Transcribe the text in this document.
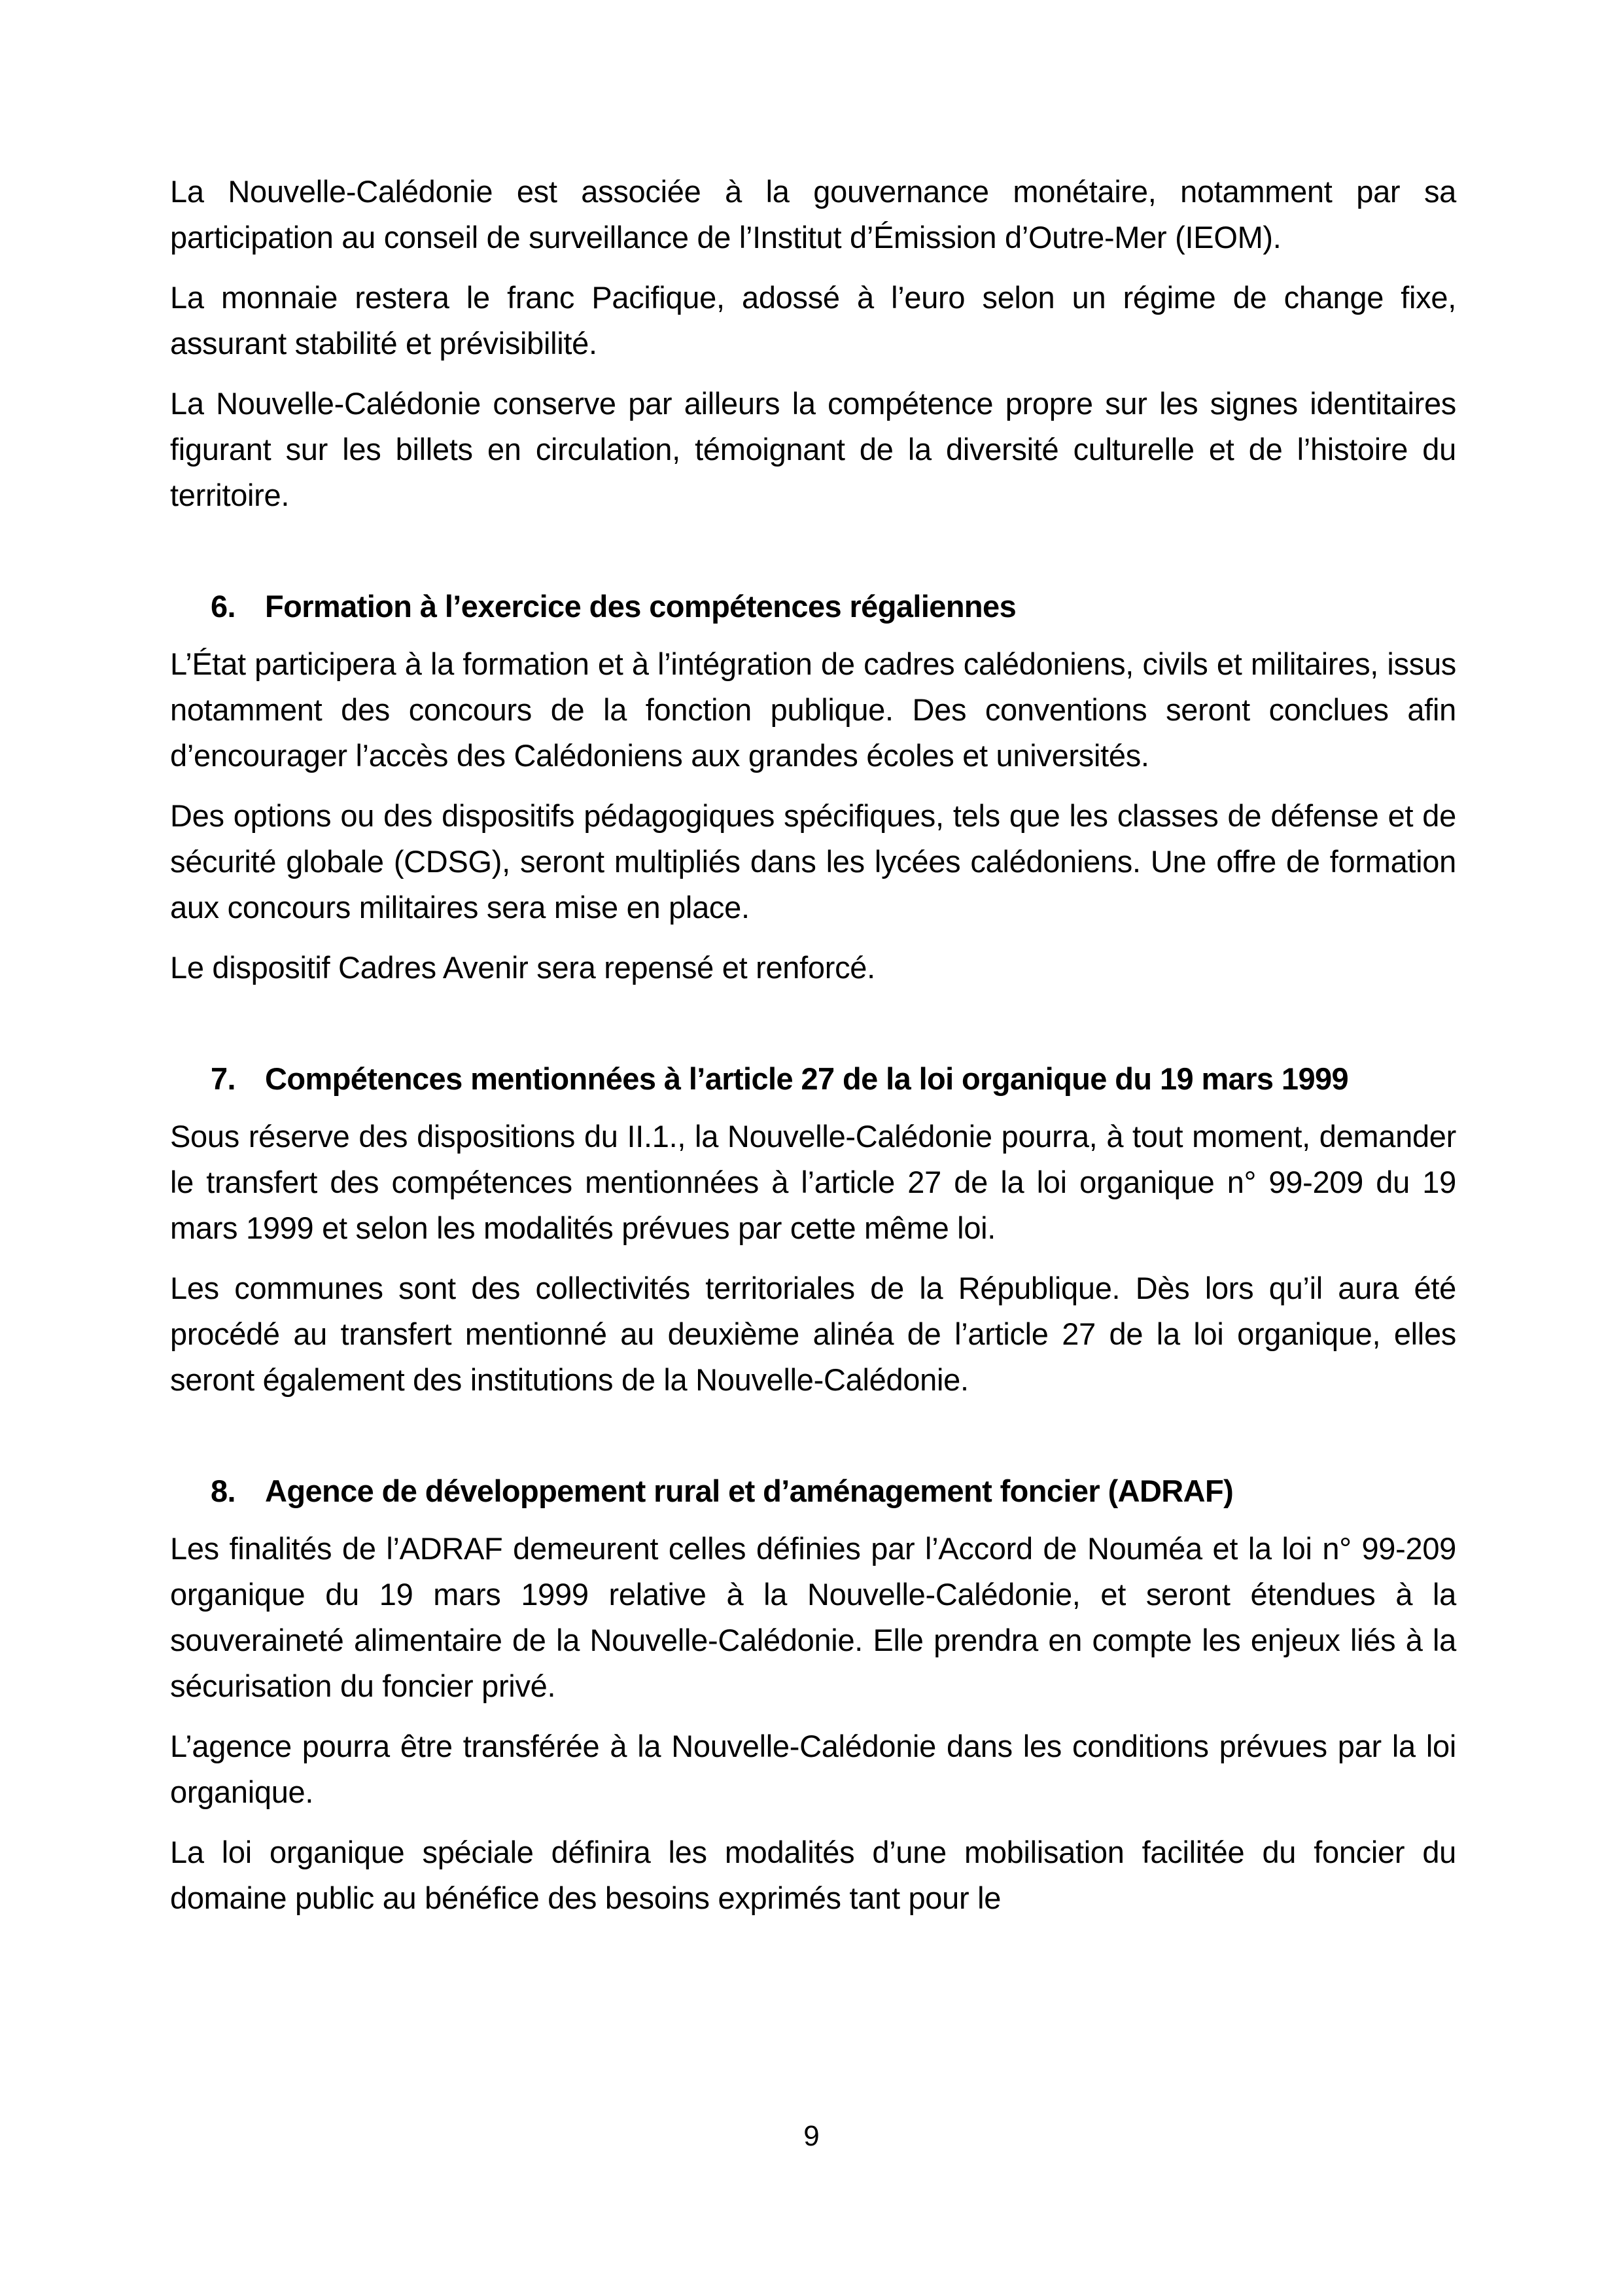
La Nouvelle-Calédonie est associée à la gouvernance monétaire, notamment par sa participation au conseil de surveillance de l’Institut d’Émission d’Outre-Mer (IEOM).

La monnaie restera le franc Pacifique, adossé à l’euro selon un régime de change fixe, assurant stabilité et prévisibilité.

La Nouvelle-Calédonie conserve par ailleurs la compétence propre sur les signes identitaires figurant sur les billets en circulation, témoignant de la diversité culturelle et de l’histoire du territoire.

6. Formation à l’exercice des compétences régaliennes

L’État participera à la formation et à l’intégration de cadres calédoniens, civils et militaires, issus notamment des concours de la fonction publique. Des conventions seront conclues afin d’encourager l’accès des Calédoniens aux grandes écoles et universités.

Des options ou des dispositifs pédagogiques spécifiques, tels que les classes de défense et de sécurité globale (CDSG), seront multipliés dans les lycées calédoniens. Une offre de formation aux concours militaires sera mise en place.

Le dispositif Cadres Avenir sera repensé et renforcé.

7. Compétences mentionnées à l’article 27 de la loi organique du 19 mars 1999

Sous réserve des dispositions du II.1., la Nouvelle-Calédonie pourra, à tout moment, demander le transfert des compétences mentionnées à l’article 27 de la loi organique n° 99-209 du 19 mars 1999 et selon les modalités prévues par cette même loi.

Les communes sont des collectivités territoriales de la République. Dès lors qu’il aura été procédé au transfert mentionné au deuxième alinéa de l’article 27 de la loi organique, elles seront également des institutions de la Nouvelle-Calédonie.

8. Agence de développement rural et d’aménagement foncier (ADRAF)

Les finalités de l’ADRAF demeurent celles définies par l’Accord de Nouméa et la loi n° 99-209 organique du 19 mars 1999 relative à la Nouvelle-Calédonie, et seront étendues à la souveraineté alimentaire de la Nouvelle-Calédonie. Elle prendra en compte les enjeux liés à la sécurisation du foncier privé.

L’agence pourra être transférée à la Nouvelle-Calédonie dans les conditions prévues par la loi organique.

La loi organique spéciale définira les modalités d’une mobilisation facilitée du foncier du domaine public au bénéfice des besoins exprimés tant pour le

9
